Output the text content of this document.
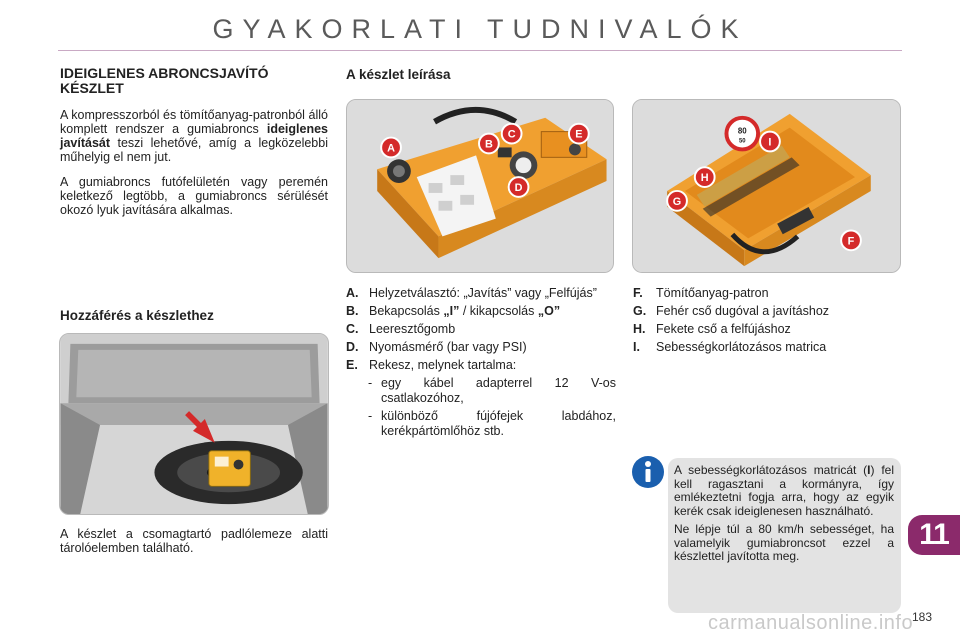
GYAKORLATI TUDNIVALÓK
IDEIGLENES ABRONCSJAVÍTÓ KÉSZLET

A kompresszorból és tömítőanyag-patronból álló komplett rendszer a gumiabroncs ideiglenes javítását teszi lehetővé, amíg a legközelebbi műhelyig el nem jut.

A gumiabroncs futófelületén vagy peremén keletkező legtöbb, a gumiabroncs sérülését okozó lyuk javítására alkalmas.

Hozzáférés a készlethez

A készlet a csomagtartó padlólemeze alatti tárolóelemben található.

A készlet leírása
A	B
C
D
E	80
50 I
H
G
F
A. Helyzetválasztó: „Javítás” vagy „Felfújás”
B. Bekapcsolás „I” / kikapcsolás „O”
C. Leeresztőgomb
D. Nyomásmérő (bar vagy PSI)
E. Rekesz, melynek tartalma:
- egy kábel adapterrel 12 V-os csatlakozóhoz,
- különböző fújófejek labdához, kerékpártömlőhöz stb.
F.	Tömítőanyag-patron
G. Fehér cső dugóval a javításhoz
H. Fekete cső a felfújáshoz
I.	Sebességkorlátozásos matrica

A sebességkorlátozásos matricát (I) fel kell ragasztani a kormányra, így emlékeztetni fogja arra, hogy az egyik kerék csak ideiglenesen használható.

Ne lépje túl a 80 km/h sebességet, ha valamelyik gumiabroncsot ezzel a készlettel javította meg.

11
carmanualsonline.info
183
